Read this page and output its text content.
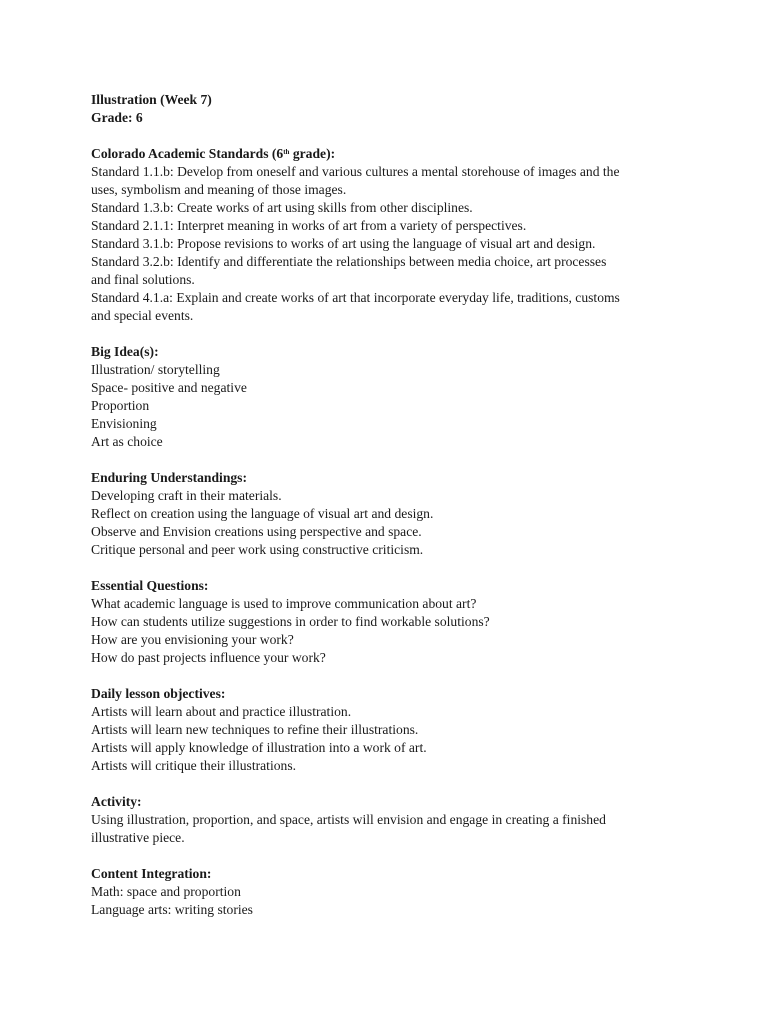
Illustration (Week 7)

Grade: 6

Colorado Academic Standards (6th grade):

Standard 1.1.b: Develop from oneself and various cultures a mental storehouse of images and the

uses, symbolism and meaning of those images.

Standard 1.3.b: Create works of art using skills from other disciplines.

Standard 2.1.1: Interpret meaning in works of art from a variety of perspectives.

Standard 3.1.b: Propose revisions to works of art using the language of visual art and design.

Standard 3.2.b: Identify and differentiate the relationships between media choice, art processes

and final solutions.

Standard 4.1.a: Explain and create works of art that incorporate everyday life, traditions, customs

and special events.

Big Idea(s):

Illustration/ storytelling

Space- positive and negative

Proportion

Envisioning

Art as choice

Enduring Understandings:

Developing craft in their materials.

Reflect on creation using the language of visual art and design.

Observe and Envision creations using perspective and space.

Critique personal and peer work using constructive criticism.

Essential Questions:

What academic language is used to improve communication about art?

How can students utilize suggestions in order to find workable solutions?

How are you envisioning your work?

How do past projects influence your work?

Daily lesson objectives:

Artists will learn about and practice illustration.

Artists will learn new techniques to refine their illustrations.

Artists will apply knowledge of illustration into a work of art.

Artists will critique their illustrations.

Activity:

Using illustration, proportion, and space, artists will envision and engage in creating a finished

illustrative piece.

Content Integration:

Math: space and proportion

Language arts: writing stories
